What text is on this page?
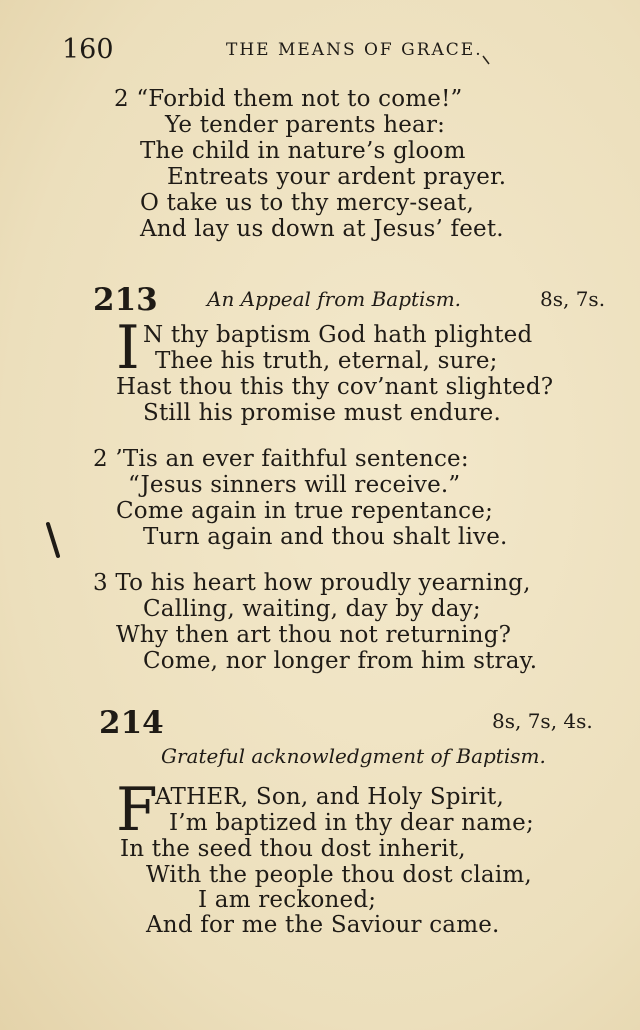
160	THE MEANS OF GRACE.
2 “Forbid them not to come!”
Ye tender parents hear:
The child in nature’s gloom
Entreats your ardent prayer.
O take us to thy mercy-seat,
And lay us down at Jesus’ feet.
213 An Appeal from Baptism.	8s, 7s.
I N thy baptism God hath plighted
Thee his truth, eternal, sure;
Hast thou this thy cov’nant slighted?
Still his promise must endure.
2 ’Tis an ever faithful sentence:
“Jesus sinners will receive.”
Come again in true repentance;
Turn again and thou shalt live.
3 To his heart how proudly yearning,
Calling, waiting, day by day;
Why then art thou not returning?
Come, nor longer from him stray.
214	8s, 7s, 4s.
Grateful acknowledgment of Baptism.
F
ATHER, Son, and Holy Spirit,
I’m baptized in thy dear name;
In the seed thou dost inherit,
With the people thou dost claim,
I am reckoned;
And for me the Saviour came.
